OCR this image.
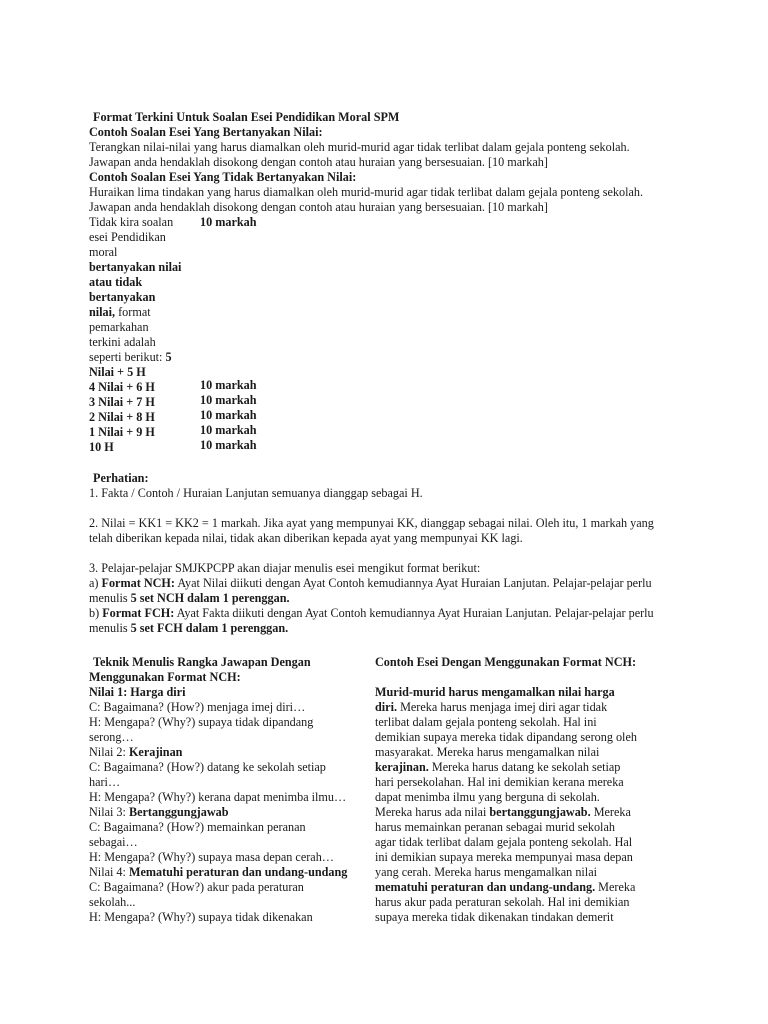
Format Terkini Untuk Soalan Esei Pendidikan Moral SPM

Contoh Soalan Esei Yang Bertanyakan Nilai:

Terangkan nilai-nilai yang harus diamalkan oleh murid-murid agar tidak terlibat dalam gejala ponteng sekolah.

Jawapan anda hendaklah disokong dengan contoh atau huraian yang bersesuaian. [10 markah]

Contoh Soalan Esei Yang Tidak Bertanyakan Nilai:

Huraikan lima tindakan yang harus diamalkan oleh murid-murid agar tidak terlibat dalam gejala ponteng sekolah.

Jawapan anda hendaklah disokong dengan contoh atau huraian yang bersesuaian. [10 markah]

Tidak kira soalan

esei Pendidikan

moral

bertanyakan nilai

atau tidak

bertanyakan

nilai, format

pemarkahan

terkini adalah

seperti berikut: 5

Nilai + 5 H

4 Nilai + 6 H

3 Nilai + 7 H

2 Nilai + 8 H

1 Nilai + 9 H

10 H

10 markah

10 markah

10 markah

10 markah

10 markah

10 markah

Perhatian:

1. Fakta / Contoh / Huraian Lanjutan semuanya dianggap sebagai H.

2. Nilai = KK1 = KK2 = 1 markah. Jika ayat yang mempunyai KK, dianggap sebagai nilai. Oleh itu, 1 markah yang

telah diberikan kepada nilai, tidak akan diberikan kepada ayat yang mempunyai KK lagi.

3. Pelajar-pelajar SMJKPCPP akan diajar menulis esei mengikut format berikut:

a) Format NCH: Ayat Nilai diikuti dengan Ayat Contoh kemudiannya Ayat Huraian Lanjutan. Pelajar-pelajar perlu

menulis 5 set NCH dalam 1 perenggan.

b) Format FCH: Ayat Fakta diikuti dengan Ayat Contoh kemudiannya Ayat Huraian Lanjutan. Pelajar-pelajar perlu

menulis 5 set FCH dalam 1 perenggan.

Teknik Menulis Rangka Jawapan Dengan

Menggunakan Format NCH:

Nilai 1: Harga diri

C: Bagaimana? (How?) menjaga imej diri…

H: Mengapa? (Why?) supaya tidak dipandang

serong…

Nilai 2: Kerajinan

C: Bagaimana? (How?) datang ke sekolah setiap

hari…

H: Mengapa? (Why?) kerana dapat menimba ilmu…

Nilai 3: Bertanggungjawab

C: Bagaimana? (How?) memainkan peranan

sebagai…

H: Mengapa? (Why?) supaya masa depan cerah…

Nilai 4: Mematuhi peraturan dan undang-undang

C: Bagaimana? (How?) akur pada peraturan

sekolah...

H: Mengapa? (Why?) supaya tidak dikenakan

Contoh Esei Dengan Menggunakan Format NCH:

Murid-murid harus mengamalkan nilai harga

diri. Mereka harus menjaga imej diri agar tidak

terlibat dalam gejala ponteng sekolah. Hal ini

demikian supaya mereka tidak dipandang serong oleh

masyarakat. Mereka harus mengamalkan nilai

kerajinan. Mereka harus datang ke sekolah setiap

hari persekolahan. Hal ini demikian kerana mereka

dapat menimba ilmu yang berguna di sekolah.

Mereka harus ada nilai bertanggungjawab. Mereka

harus memainkan peranan sebagai murid sekolah

agar tidak terlibat dalam gejala ponteng sekolah. Hal

ini demikian supaya mereka mempunyai masa depan

yang cerah. Mereka harus mengamalkan nilai

mematuhi peraturan dan undang-undang. Mereka

harus akur pada peraturan sekolah. Hal ini demikian

supaya mereka tidak dikenakan tindakan demerit
